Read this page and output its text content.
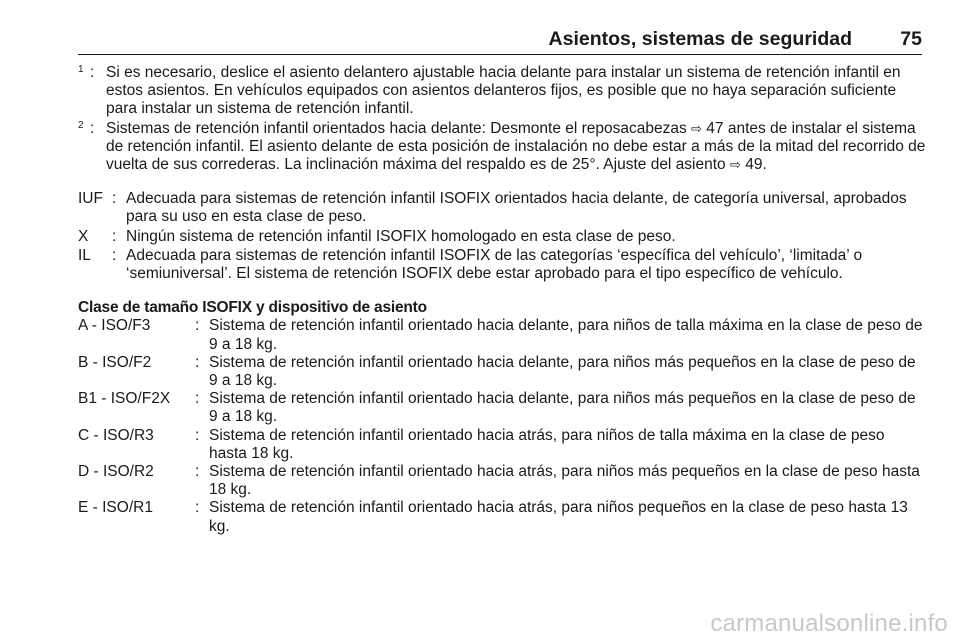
Asientos, sistemas de seguridad 75
1 : Si es necesario, deslice el asiento delantero ajustable hacia delante para instalar un sistema de retención infantil en estos asientos. En vehículos equipados con asientos delanteros fijos, es posible que no haya separación suficiente para instalar un sistema de retención infantil.
2 : Sistemas de retención infantil orientados hacia delante: Desmonte el reposacabezas ⇨ 47 antes de instalar el sistema de retención infantil. El asiento delante de esta posición de instalación no debe estar a más de la mitad del recorrido de vuelta de sus correderas. La inclinación máxima del respaldo es de 25°. Ajuste del asiento ⇨ 49.
IUF : Adecuada para sistemas de retención infantil ISOFIX orientados hacia delante, de categoría universal, aprobados para su uso en esta clase de peso.
X : Ningún sistema de retención infantil ISOFIX homologado en esta clase de peso.
IL : Adecuada para sistemas de retención infantil ISOFIX de las categorías ‘específica del vehículo’, ‘limitada’ o ‘semiuniversal’. El sistema de retención ISOFIX debe estar aprobado para el tipo específico de vehículo.
Clase de tamaño ISOFIX y dispositivo de asiento
A - ISO/F3	: Sistema de retención infantil orientado hacia delante, para niños de talla máxima en la clase de peso de 9 a 18 kg.
B - ISO/F2	: Sistema de retención infantil orientado hacia delante, para niños más pequeños en la clase de peso de 9 a 18 kg.
B1 - ISO/F2X : Sistema de retención infantil orientado hacia delante, para niños más pequeños en la clase de peso de 9 a 18 kg.
C - ISO/R3	: Sistema de retención infantil orientado hacia atrás, para niños de talla máxima en la clase de peso hasta 18 kg.
D - ISO/R2	: Sistema de retención infantil orientado hacia atrás, para niños más pequeños en la clase de peso hasta 18 kg.
E - ISO/R1	: Sistema de retención infantil orientado hacia atrás, para niños pequeños en la clase de peso hasta 13 kg.
carmanualsonline.info
